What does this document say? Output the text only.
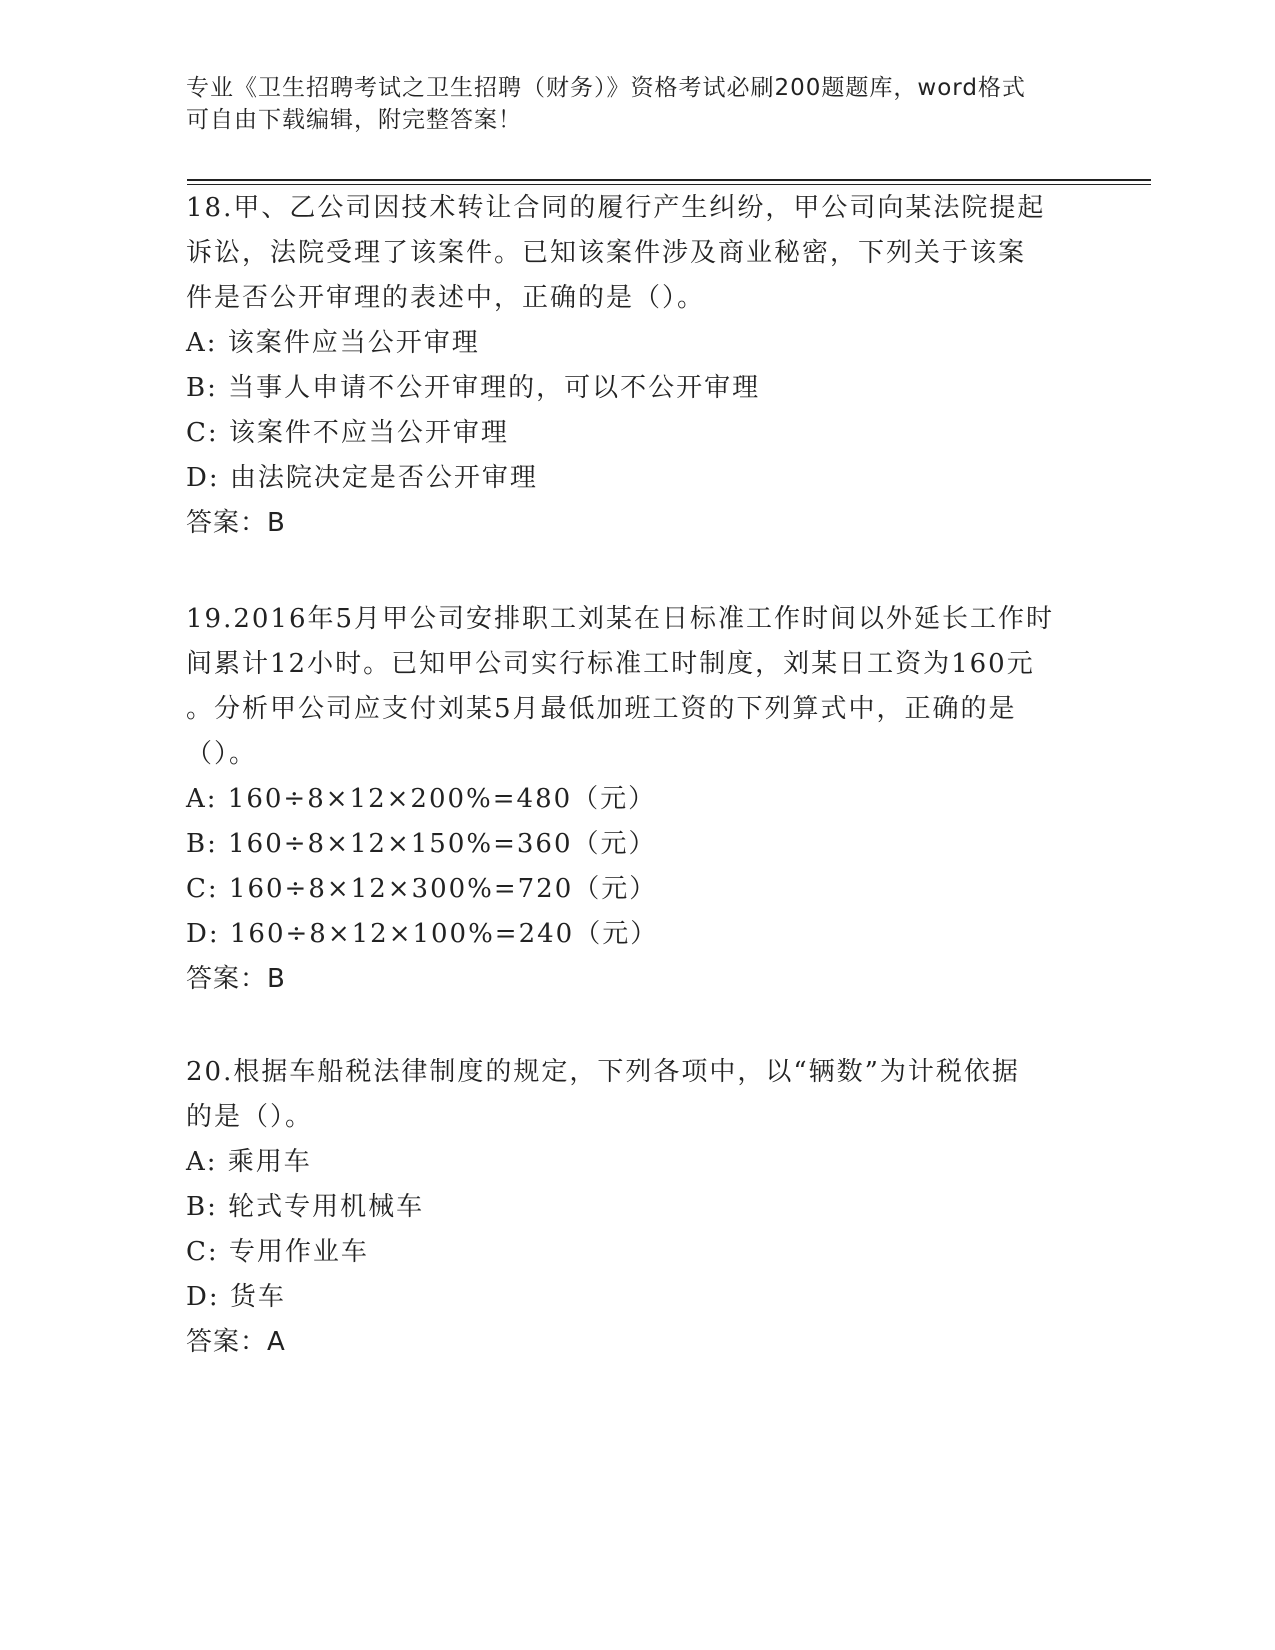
专业《卫生招聘考试之卫生招聘（财务）》资格考试必刷200题题库，word格式
可自由下载编辑，附完整答案！
18.甲、乙公司因技术转让合同的履行产生纠纷，甲公司向某法院提起
诉讼，法院受理了该案件。已知该案件涉及商业秘密，下列关于该案
件是否公开审理的表述中，正确的是（）。
A: 该案件应当公开审理
B: 当事人申请不公开审理的，可以不公开审理
C: 该案件不应当公开审理
D: 由法院决定是否公开审理
答案：B
19.2016年5月甲公司安排职工刘某在日标准工作时间以外延长工作时
间累计12小时。已知甲公司实行标准工时制度，刘某日工资为160元
。分析甲公司应支付刘某5月最低加班工资的下列算式中，正确的是
（）。
A: 160÷8×12×200%=480（元）
B: 160÷8×12×150%=360（元）
C: 160÷8×12×300%=720（元）
D: 160÷8×12×100%=240（元）
答案：B
20.根据车船税法律制度的规定，下列各项中，以“辆数”为计税依据
的是（）。
A: 乘用车
B: 轮式专用机械车
C: 专用作业车
D: 货车
答案：A
